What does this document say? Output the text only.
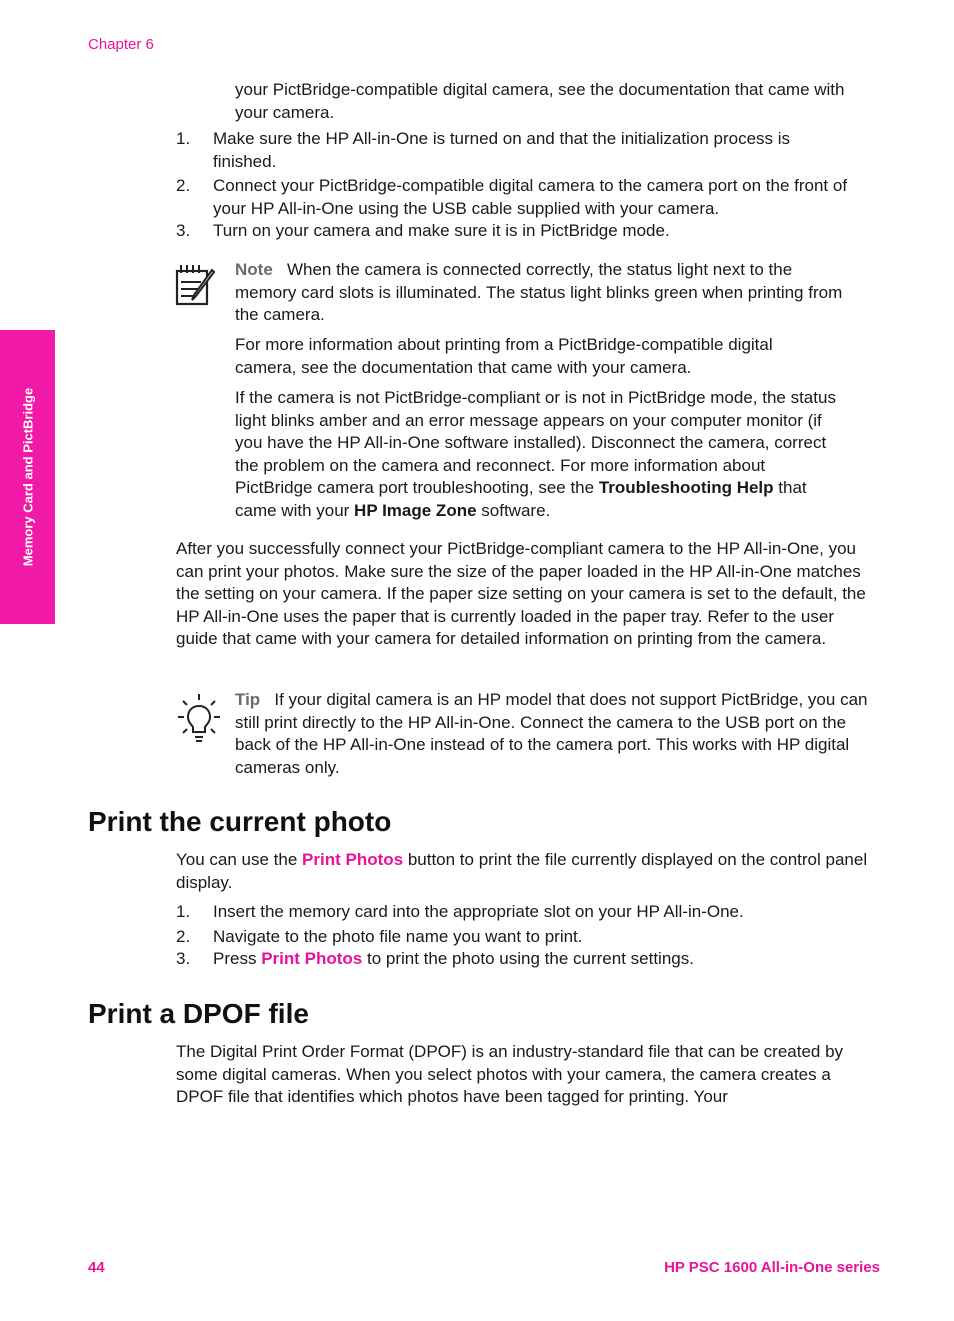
Chapter 6
Memory Card and PictBridge

your PictBridge-compatible digital camera, see the documentation that came with your camera.

1. Make sure the HP All-in-One is turned on and that the initialization process is finished.

2. Connect your PictBridge-compatible digital camera to the camera port on the front of your HP All-in-One using the USB cable supplied with your camera.

3. Turn on your camera and make sure it is in PictBridge mode.

Note When the camera is connected correctly, the status light next to the memory card slots is illuminated. The status light blinks green when printing from the camera.

For more information about printing from a PictBridge-compatible digital camera, see the documentation that came with your camera.

If the camera is not PictBridge-compliant or is not in PictBridge mode, the status light blinks amber and an error message appears on your computer monitor (if you have the HP All-in-One software installed). Disconnect the camera, correct the problem on the camera and reconnect. For more information about PictBridge camera port troubleshooting, see the Troubleshooting Help that came with your HP Image Zone software.

After you successfully connect your PictBridge-compliant camera to the HP All-in-One, you can print your photos. Make sure the size of the paper loaded in the HP All-in-One matches the setting on your camera. If the paper size setting on your camera is set to the default, the HP All-in-One uses the paper that is currently loaded in the paper tray. Refer to the user guide that came with your camera for detailed information on printing from the camera.

Tip If your digital camera is an HP model that does not support PictBridge, you can still print directly to the HP All-in-One. Connect the camera to the USB port on the back of the HP All-in-One instead of to the camera port. This works with HP digital cameras only.

Print the current photo

You can use the Print Photos button to print the file currently displayed on the control panel display.

1. Insert the memory card into the appropriate slot on your HP All-in-One.

2. Navigate to the photo file name you want to print.

3. Press Print Photos to print the photo using the current settings.

Print a DPOF file

The Digital Print Order Format (DPOF) is an industry-standard file that can be created by some digital cameras. When you select photos with your camera, the camera creates a DPOF file that identifies which photos have been tagged for printing. Your

44	HP PSC 1600 All-in-One series
